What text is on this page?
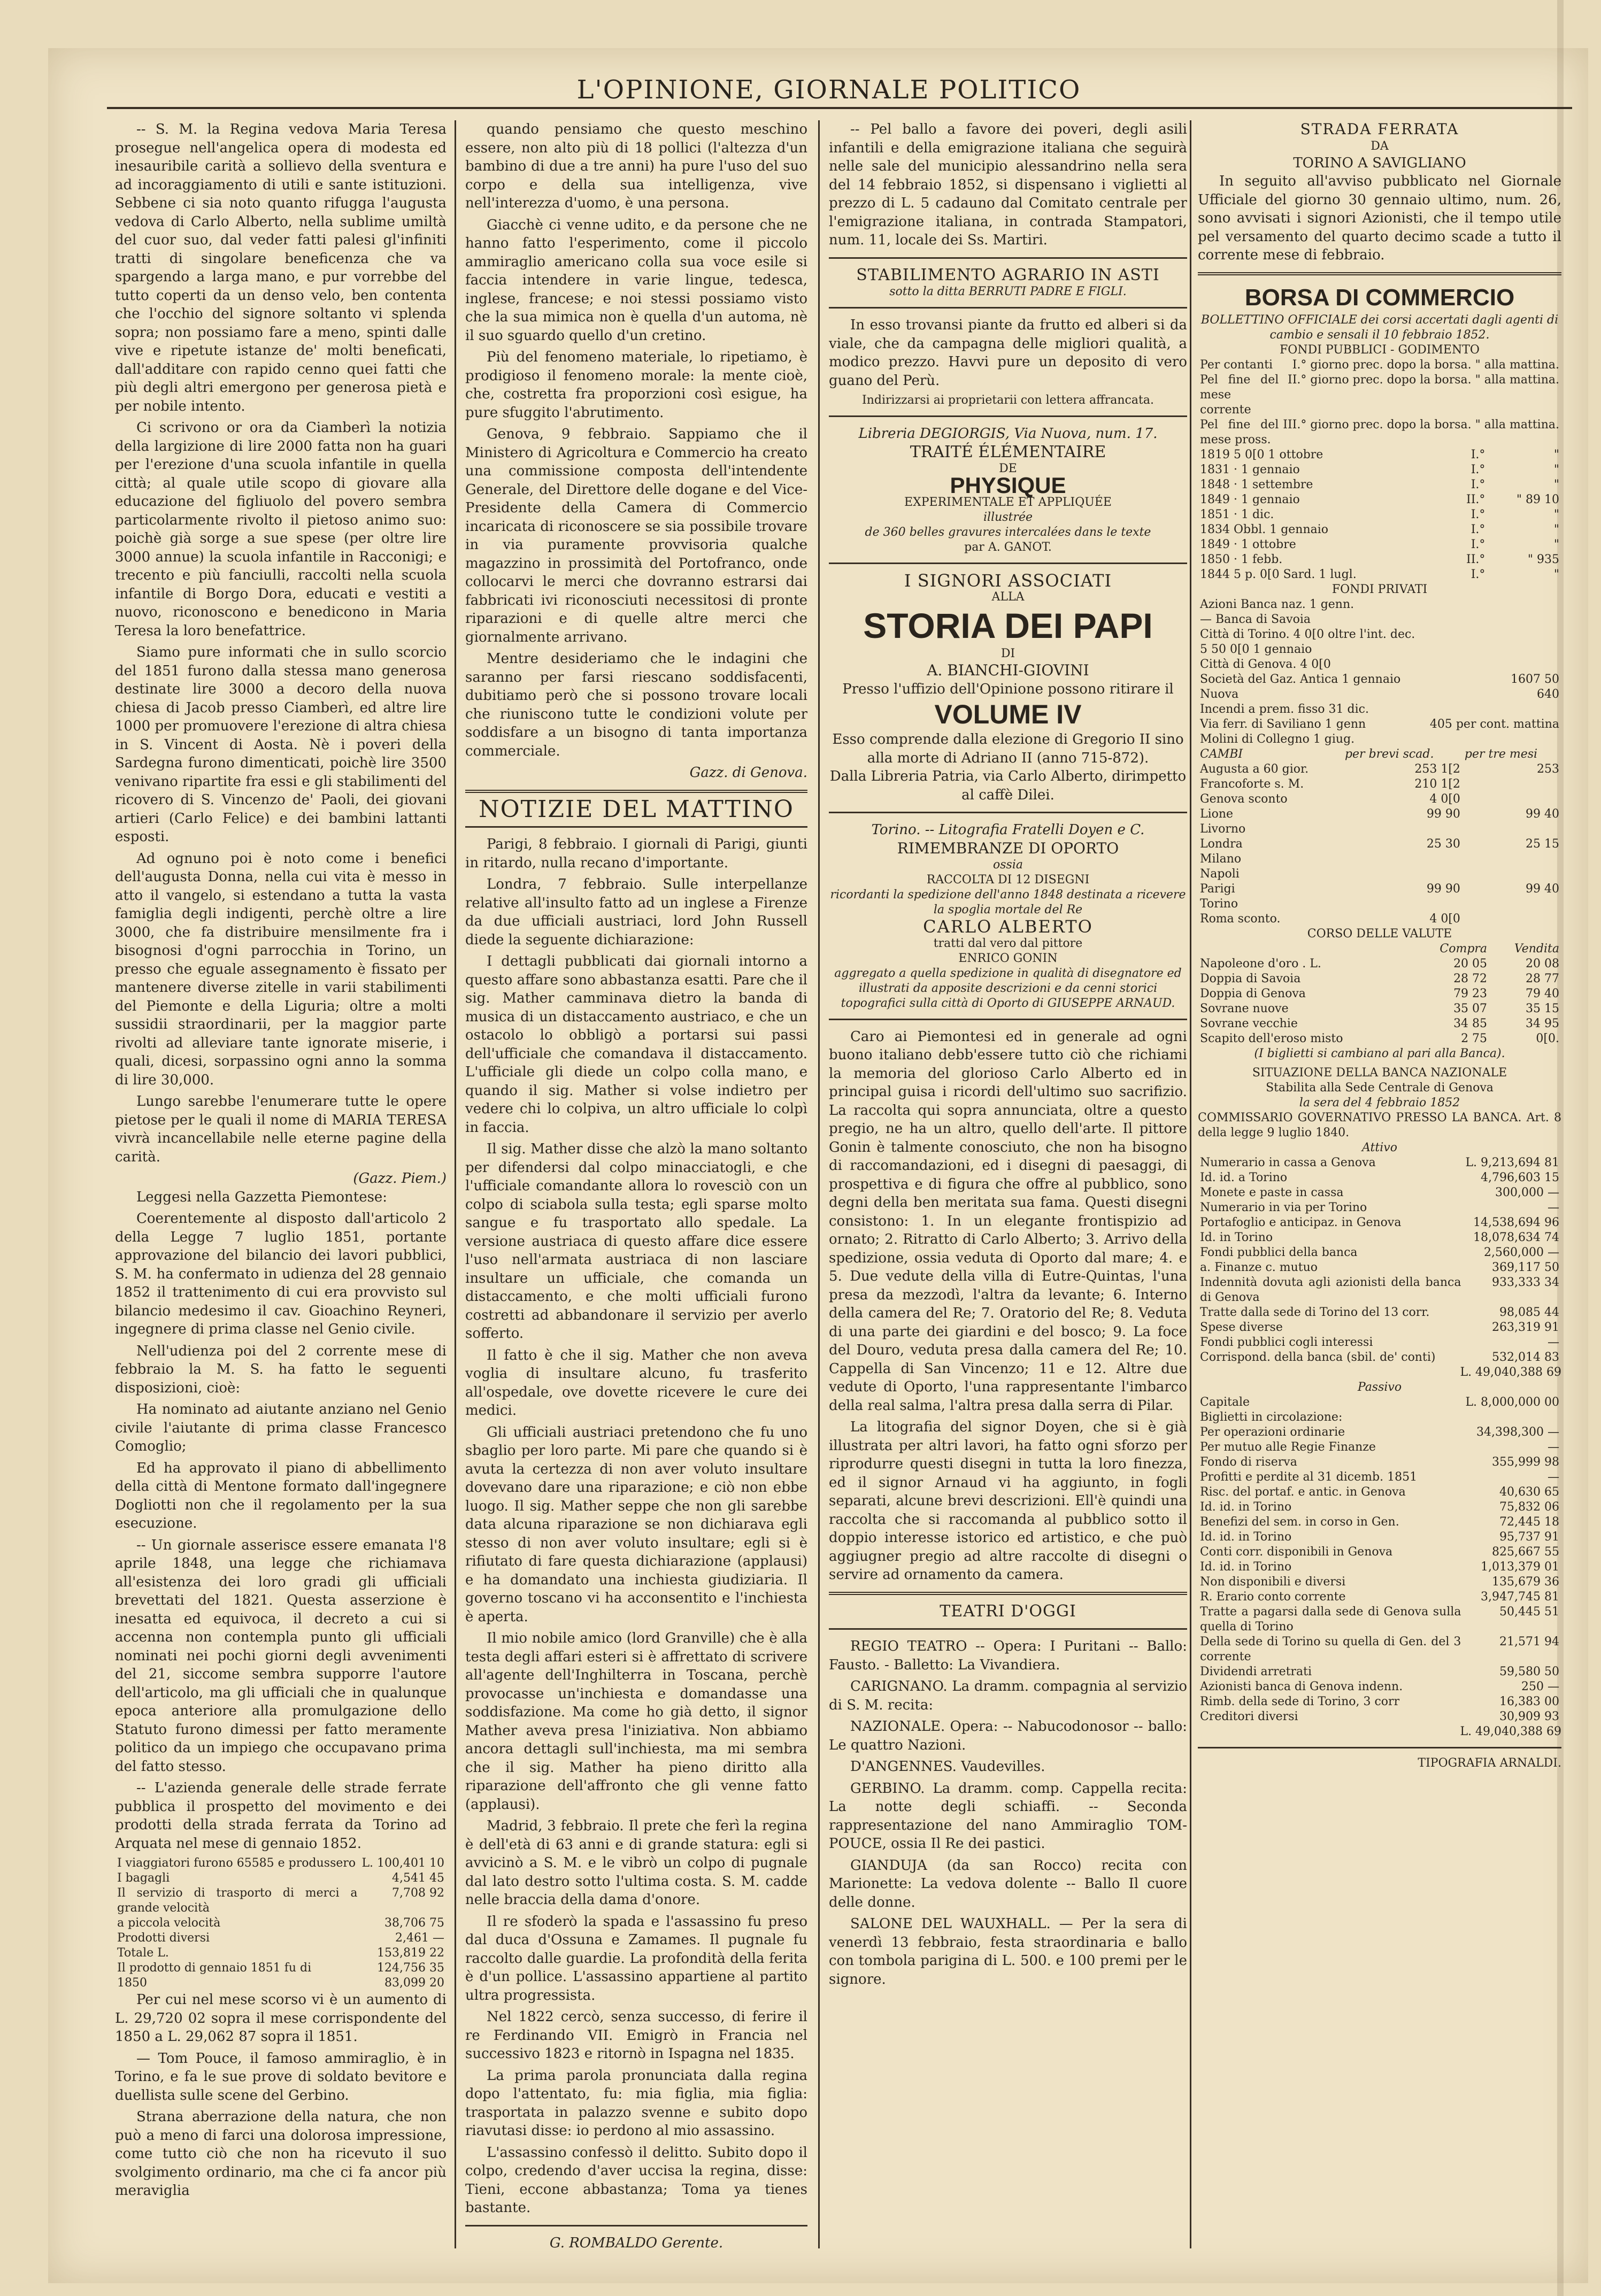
L'OPINIONE, GIORNALE POLITICO

-- S. M. la Regina vedova Maria Teresa prosegue nell'angelica opera di modesta ed inesauribile carità a sollievo della sventura e ad incoraggiamento di utili e sante istituzioni. Sebbene ci sia noto quanto rifugga l'augusta vedova di Carlo Alberto, nella sublime umiltà del cuor suo, dal veder fatti palesi gl'infiniti tratti di singolare beneficenza che va spargendo a larga mano, e pur vorrebbe del tutto coperti da un denso velo, ben contenta che l'occhio del signore soltanto vi splenda sopra; non possiamo fare a meno, spinti dalle vive e ripetute istanze de' molti beneficati, dall'additare con rapido cenno quei fatti che più degli altri emergono per generosa pietà e per nobile intento.

Ci scrivono or ora da Ciamberì la notizia della largizione di lire 2000 fatta non ha guari per l'erezione d'una scuola infantile in quella città; al quale utile scopo di giovare alla educazione del figliuolo del povero sembra particolarmente rivolto il pietoso animo suo: poichè già sorge a sue spese (per oltre lire 3000 annue) la scuola infantile in Racconigi; e trecento e più fanciulli, raccolti nella scuola infantile di Borgo Dora, educati e vestiti a nuovo, riconoscono e benedicono in Maria Teresa la loro benefattrice.

Siamo pure informati che in sullo scorcio del 1851 furono dalla stessa mano generosa destinate lire 3000 a decoro della nuova chiesa di Jacob presso Ciamberì, ed altre lire 1000 per promuovere l'erezione di altra chiesa in S. Vincent di Aosta. Nè i poveri della Sardegna furono dimenticati, poichè lire 3500 venivano ripartite fra essi e gli stabilimenti del ricovero di S. Vincenzo de' Paoli, dei giovani artieri (Carlo Felice) e dei bambini lattanti esposti.

Ad ognuno poi è noto come i benefici dell'augusta Donna, nella cui vita è messo in atto il vangelo, si estendano a tutta la vasta famiglia degli indigenti, perchè oltre a lire 3000, che fa distribuire mensilmente fra i bisognosi d'ogni parrocchia in Torino, un presso che eguale assegnamento è fissato per mantenere diverse zitelle in varii stabilimenti del Piemonte e della Liguria; oltre a molti sussidii straordinarii, per la maggior parte rivolti ad alleviare tante ignorate miserie, i quali, dicesi, sorpassino ogni anno la somma di lire 30,000.

Lungo sarebbe l'enumerare tutte le opere pietose per le quali il nome di MARIA TERESA vivrà incancellabile nelle eterne pagine della carità.

(Gazz. Piem.)

Leggesi nella Gazzetta Piemontese:

Coerentemente al disposto dall'articolo 2 della Legge 7 luglio 1851, portante approvazione del bilancio dei lavori pubblici, S. M. ha confermato in udienza del 28 gennaio 1852 il trattenimento di cui era provvisto sul bilancio medesimo il cav. Gioachino Reyneri, ingegnere di prima classe nel Genio civile.

Nell'udienza poi del 2 corrente mese di febbraio la M. S. ha fatto le seguenti disposizioni, cioè:

Ha nominato ad aiutante anziano nel Genio civile l'aiutante di prima classe Francesco Comoglio;

Ed ha approvato il piano di abbellimento della città di Mentone formato dall'ingegnere Dogliotti non che il regolamento per la sua esecuzione.

-- Un giornale asserisce essere emanata l'8 aprile 1848, una legge che richiamava all'esistenza dei loro gradi gli ufficiali brevettati del 1821. Questa asserzione è inesatta ed equivoca, il decreto a cui si accenna non contempla punto gli ufficiali nominati nei pochi giorni degli avvenimenti del 21, siccome sembra supporre l'autore dell'articolo, ma gli ufficiali che in qualunque epoca anteriore alla promulgazione dello Statuto furono dimessi per fatto meramente politico da un impiego che occupavano prima del fatto stesso.

-- L'azienda generale delle strade ferrate pubblica il prospetto del movimento e dei prodotti della strada ferrata da Torino ad Arquata nel mese di gennaio 1852.

I viaggiatori furono 65585 e produssero	L. 100,401 10
I bagagli	4,541 45
Il servizio di trasporto di merci a grande velocità	7,708 92
a piccola velocità	38,706 75
Prodotti diversi	2,461 —
Totale L.	153,819 22
Il prodotto di gennaio 1851 fu di	124,756 35
1850	83,099 20

Per cui nel mese scorso vi è un aumento di L. 29,720 02 sopra il mese corrispondente del 1850 a L. 29,062 87 sopra il 1851.

— Tom Pouce, il famoso ammiraglio, è in Torino, e fa le sue prove di soldato bevitore e duellista sulle scene del Gerbino.

Strana aberrazione della natura, che non può a meno di farci una dolorosa impressione, come tutto ciò che non ha ricevuto il suo svolgimento ordinario, ma che ci fa ancor più meraviglia

quando pensiamo che questo meschino essere, non alto più di 18 pollici (l'altezza d'un bambino di due a tre anni) ha pure l'uso del suo corpo e della sua intelligenza, vive nell'interezza d'uomo, è una persona.

Giacchè ci venne udito, e da persone che ne hanno fatto l'esperimento, come il piccolo ammiraglio americano colla sua voce esile si faccia intendere in varie lingue, tedesca, inglese, francese; e noi stessi possiamo visto che la sua mimica non è quella d'un automa, nè il suo sguardo quello d'un cretino.

Più del fenomeno materiale, lo ripetiamo, è prodigioso il fenomeno morale: la mente cioè, che, costretta fra proporzioni così esigue, ha pure sfuggito l'abrutimento.

Genova, 9 febbraio. Sappiamo che il Ministero di Agricoltura e Commercio ha creato una commissione composta dell'intendente Generale, del Direttore delle dogane e del Vice-Presidente della Camera di Commercio incaricata di riconoscere se sia possibile trovare in via puramente provvisoria qualche magazzino in prossimità del Portofranco, onde collocarvi le merci che dovranno estrarsi dai fabbricati ivi riconosciuti necessitosi di pronte riparazioni e di quelle altre merci che giornalmente arrivano.

Mentre desideriamo che le indagini che saranno per farsi riescano soddisfacenti, dubitiamo però che si possono trovare locali che riuniscono tutte le condizioni volute per soddisfare a un bisogno di tanta importanza commerciale.

Gazz. di Genova.
NOTIZIE DEL MATTINO

Parigi, 8 febbraio. I giornali di Parigi, giunti in ritardo, nulla recano d'importante.

Londra, 7 febbraio. Sulle interpellanze relative all'insulto fatto ad un inglese a Firenze da due ufficiali austriaci, lord John Russell diede la seguente dichiarazione:

I dettagli pubblicati dai giornali intorno a questo affare sono abbastanza esatti. Pare che il sig. Mather camminava dietro la banda di musica di un distaccamento austriaco, e che un ostacolo lo obbligò a portarsi sui passi dell'ufficiale che comandava il distaccamento. L'ufficiale gli diede un colpo colla mano, e quando il sig. Mather si volse indietro per vedere chi lo colpiva, un altro ufficiale lo colpì in faccia.

Il sig. Mather disse che alzò la mano soltanto per difendersi dal colpo minacciatogli, e che l'ufficiale comandante allora lo rovesciò con un colpo di sciabola sulla testa; egli sparse molto sangue e fu trasportato allo spedale. La versione austriaca di questo affare dice essere l'uso nell'armata austriaca di non lasciare insultare un ufficiale, che comanda un distaccamento, e che molti ufficiali furono costretti ad abbandonare il servizio per averlo sofferto.

Il fatto è che il sig. Mather che non aveva voglia di insultare alcuno, fu trasferito all'ospedale, ove dovette ricevere le cure dei medici.

Gli ufficiali austriaci pretendono che fu uno sbaglio per loro parte. Mi pare che quando si è avuta la certezza di non aver voluto insultare dovevano dare una riparazione; e ciò non ebbe luogo. Il sig. Mather seppe che non gli sarebbe data alcuna riparazione se non dichiarava egli stesso di non aver voluto insultare; egli si è rifiutato di fare questa dichiarazione (applausi) e ha domandato una inchiesta giudiziaria. Il governo toscano vi ha acconsentito e l'inchiesta è aperta.

Il mio nobile amico (lord Granville) che è alla testa degli affari esteri si è affrettato di scrivere all'agente dell'Inghilterra in Toscana, perchè provocasse un'inchiesta e domandasse una soddisfazione. Ma come ho già detto, il signor Mather aveva presa l'iniziativa. Non abbiamo ancora dettagli sull'inchiesta, ma mi sembra che il sig. Mather ha pieno diritto alla riparazione dell'affronto che gli venne fatto (applausi).

Madrid, 3 febbraio. Il prete che ferì la regina è dell'età di 63 anni e di grande statura: egli si avvicinò a S. M. e le vibrò un colpo di pugnale dal lato destro sotto l'ultima costa. S. M. cadde nelle braccia della dama d'onore.

Il re sfoderò la spada e l'assassino fu preso dal duca d'Ossuna e Zamames. Il pugnale fu raccolto dalle guardie. La profondità della ferita è d'un pollice. L'assassino appartiene al partito ultra progressista.

Nel 1822 cercò, senza successo, di ferire il re Ferdinando VII. Emigrò in Francia nel successivo 1823 e ritornò in Ispagna nel 1835.

La prima parola pronunciata dalla regina dopo l'attentato, fu: mia figlia, mia figlia: trasportata in palazzo svenne e subito dopo riavutasi disse: io perdono al mio assassino.

L'assassino confessò il delitto. Subito dopo il colpo, credendo d'aver uccisa la regina, disse: Tieni, eccone abbastanza; Toma ya tienes bastante.

G. ROMBALDO Gerente.

-- Pel ballo a favore dei poveri, degli asili infantili e della emigrazione italiana che seguirà nelle sale del municipio alessandrino nella sera del 14 febbraio 1852, si dispensano i viglietti al prezzo di L. 5 cadauno dal Comitato centrale per l'emigrazione italiana, in contrada Stampatori, num. 11, locale dei Ss. Martiri.

STABILIMENTO AGRARIO IN ASTI
sotto la ditta BERRUTI PADRE E FIGLI.

In esso trovansi piante da frutto ed alberi si da viale, che da campagna delle migliori qualità, a modico prezzo. Havvi pure un deposito di vero guano del Perù.

Indirizzarsi ai proprietarii con lettera affrancata.
Libreria DEGIORGIS, Via Nuova, num. 17.
TRAITÉ ÉLÉMENTAIRE
DE
PHYSIQUE
EXPERIMENTALE ET APPLIQUÉE
illustrée
de 360 belles gravures intercalées dans le texte
par A. GANOT.
I SIGNORI ASSOCIATI
ALLA
STORIA DEI PAPI
DI
A. BIANCHI-GIOVINI
Presso l'uffizio dell'Opinione possono ritirare il
VOLUME IV
Esso comprende dalla elezione di Gregorio II sino alla morte di Adriano II (anno 715-872).
Dalla Libreria Patria, via Carlo Alberto, dirimpetto al caffè Dilei.
Torino. -- Litografia Fratelli Doyen e C.
RIMEMBRANZE DI OPORTO
ossia
RACCOLTA DI 12 DISEGNI
ricordanti la spedizione dell'anno 1848 destinata a ricevere la spoglia mortale del Re
CARLO ALBERTO
tratti dal vero dal pittore
ENRICO GONIN
aggregato a quella spedizione in qualità di disegnatore ed illustrati da apposite descrizioni e da cenni storici topografici sulla città di Oporto di GIUSEPPE ARNAUD.

Caro ai Piemontesi ed in generale ad ogni buono italiano debb'essere tutto ciò che richiami la memoria del glorioso Carlo Alberto ed in principal guisa i ricordi dell'ultimo suo sacrifizio. La raccolta qui sopra annunciata, oltre a questo pregio, ne ha un altro, quello dell'arte. Il pittore Gonin è talmente conosciuto, che non ha bisogno di raccomandazioni, ed i disegni di paesaggi, di prospettiva e di figura che offre al pubblico, sono degni della ben meritata sua fama. Questi disegni consistono: 1. In un elegante frontispizio ad ornato; 2. Ritratto di Carlo Alberto; 3. Arrivo della spedizione, ossia veduta di Oporto dal mare; 4. e 5. Due vedute della villa di Eutre-Quintas, l'una presa da mezzodì, l'altra da levante; 6. Interno della camera del Re; 7. Oratorio del Re; 8. Veduta di una parte dei giardini e del bosco; 9. La foce del Douro, veduta presa dalla camera del Re; 10. Cappella di San Vincenzo; 11 e 12. Altre due vedute di Oporto, l'una rappresentante l'imbarco della real salma, l'altra presa dalla serra di Pilar.

La litografia del signor Doyen, che si è già illustrata per altri lavori, ha fatto ogni sforzo per riprodurre questi disegni in tutta la loro finezza, ed il signor Arnaud vi ha aggiunto, in fogli separati, alcune brevi descrizioni. Ell'è quindi una raccolta che si raccomanda al pubblico sotto il doppio interesse istorico ed artistico, e che può aggiugner pregio ad altre raccolte di disegni o servire ad ornamento da camera.

TEATRI D'OGGI

REGIO TEATRO -- Opera: I Puritani -- Ballo: Fausto. - Balletto: La Vivandiera.

CARIGNANO. La dramm. compagnia al servizio di S. M. recita:

NAZIONALE. Opera: -- Nabucodonosor -- ballo: Le quattro Nazioni.

D'ANGENNES. Vaudevilles.

GERBINO. La dramm. comp. Cappella recita: La notte degli schiaffi. -- Seconda rappresentazione del nano Ammiraglio TOM-POUCE, ossia Il Re dei pastici.

GIANDUJA (da san Rocco) recita con Marionette: La vedova dolente -- Ballo Il cuore delle donne.

SALONE DEL WAUXHALL. — Per la sera di venerdì 13 febbraio, festa straordinaria e ballo con tombola parigina di L. 500. e 100 premi per le signore.

STRADA FERRATA
DA
TORINO A SAVIGLIANO

In seguito all'avviso pubblicato nel Giornale Ufficiale del giorno 30 gennaio ultimo, num. 26, sono avvisati i signori Azionisti, che il tempo utile pel versamento del quarto decimo scade a tutto il corrente mese di febbraio.

BORSA DI COMMERCIO
BOLLETTINO OFFICIALE dei corsi accertati dagli agenti di cambio e sensali il 10 febbraio 1852.
FONDI PUBBLICI - GODIMENTO
Per contanti	I.° giorno prec. dopo la borsa. " alla mattina.
Pel fine del mese corrente	II.° giorno prec. dopo la borsa. " alla mattina.
Pel fine del mese pross.	III.° giorno prec. dopo la borsa. " alla mattina.
1819 5 0[0 1 ottobre	I.°	"
1831 · 1 gennaio	I.°	"
1848 · 1 settembre	I.°	"
1849 · 1 gennaio	II.°	" 89 10
1851 · 1 dic.	I.°	"
1834 Obbl. 1 gennaio	I.°	"
1849 · 1 ottobre	I.°	"
1850 · 1 febb.	II.°	" 935
1844 5 p. 0[0 Sard. 1 lugl.	I.°	"
FONDI PRIVATI
Azioni Banca naz. 1 genn.	
— Banca di Savoia	
Città di Torino. 4 0[0 oltre l'int. dec.	
5 50 0[0 1 gennaio	
Città di Genova. 4 0[0	
Società del Gaz. Antica 1 gennaio	1607 50
Nuova	640
Incendi a prem. fisso 31 dic.	
Via ferr. di Saviliano 1 genn	405 per cont. mattina
Molini di Collegno 1 giug.	
CAMBI	per brevi scad.	per tre mesi
Augusta a 60 gior.	253 1[2	253
Francoforte s. M.	210 1[2	
Genova sconto	4 0[0	
Lione	99 90	99 40
Livorno		
Londra	25 30	25 15
Milano		
Napoli		
Parigi	99 90	99 40
Torino		
Roma sconto.	4 0[0	
CORSO DELLE VALUTE
	Compra	Vendita
Napoleone d'oro . L.	20 05	20 08
Doppia di Savoia	28 72	28 77
Doppia di Genova	79 23	79 40
Sovrane nuove	35 07	35 15
Sovrane vecchie	34 85	34 95
Scapito dell'eroso misto	2 75	0[0.
(I biglietti si cambiano al pari alla Banca).
SITUAZIONE DELLA BANCA NAZIONALE
Stabilita alla Sede Centrale di Genova
la sera del 4 febbraio 1852
COMMISSARIO GOVERNATIVO PRESSO LA BANCA. Art. 8 della legge 9 luglio 1840.
Attivo
Numerario in cassa a Genova	L. 9,213,694 81
Id. id. a Torino	4,796,603 15
Monete e paste in cassa	300,000 —
Numerario in via per Torino	—
Portafoglio e anticipaz. in Genova	14,538,694 96
Id. in Torino	18,078,634 74
Fondi pubblici della banca	2,560,000 —
a. Finanze c. mutuo	369,117 50
Indennità dovuta agli azionisti della banca di Genova	933,333 34
Tratte dalla sede di Torino del 13 corr.	98,085 44
Spese diverse	263,319 91
Fondi pubblici cogli interessi	—
Corrispond. della banca (sbil. de' conti)	532,014 83
L. 49,040,388 69
Passivo
Capitale	L. 8,000,000 00
Biglietti in circolazione:	
Per operazioni ordinarie	34,398,300 —
Per mutuo alle Regie Finanze	—
Fondo di riserva	355,999 98
Profitti e perdite al 31 dicemb. 1851	—
Risc. del portaf. e antic. in Genova	40,630 65
Id. id. in Torino	75,832 06
Benefizi del sem. in corso in Gen.	72,445 18
Id. id. in Torino	95,737 91
Conti corr. disponibili in Genova	825,667 55
Id. id. in Torino	1,013,379 01
Non disponibili e diversi	135,679 36
R. Erario conto corrente	3,947,745 81
Tratte a pagarsi dalla sede di Genova sulla quella di Torino	50,445 51
Della sede di Torino su quella di Gen. del 3 corrente	21,571 94
Dividendi arretrati	59,580 50
Azionisti banca di Genova indenn.	250 —
Rimb. della sede di Torino, 3 corr	16,383 00
Creditori diversi	30,909 93
L. 49,040,388 69
TIPOGRAFIA ARNALDI.
